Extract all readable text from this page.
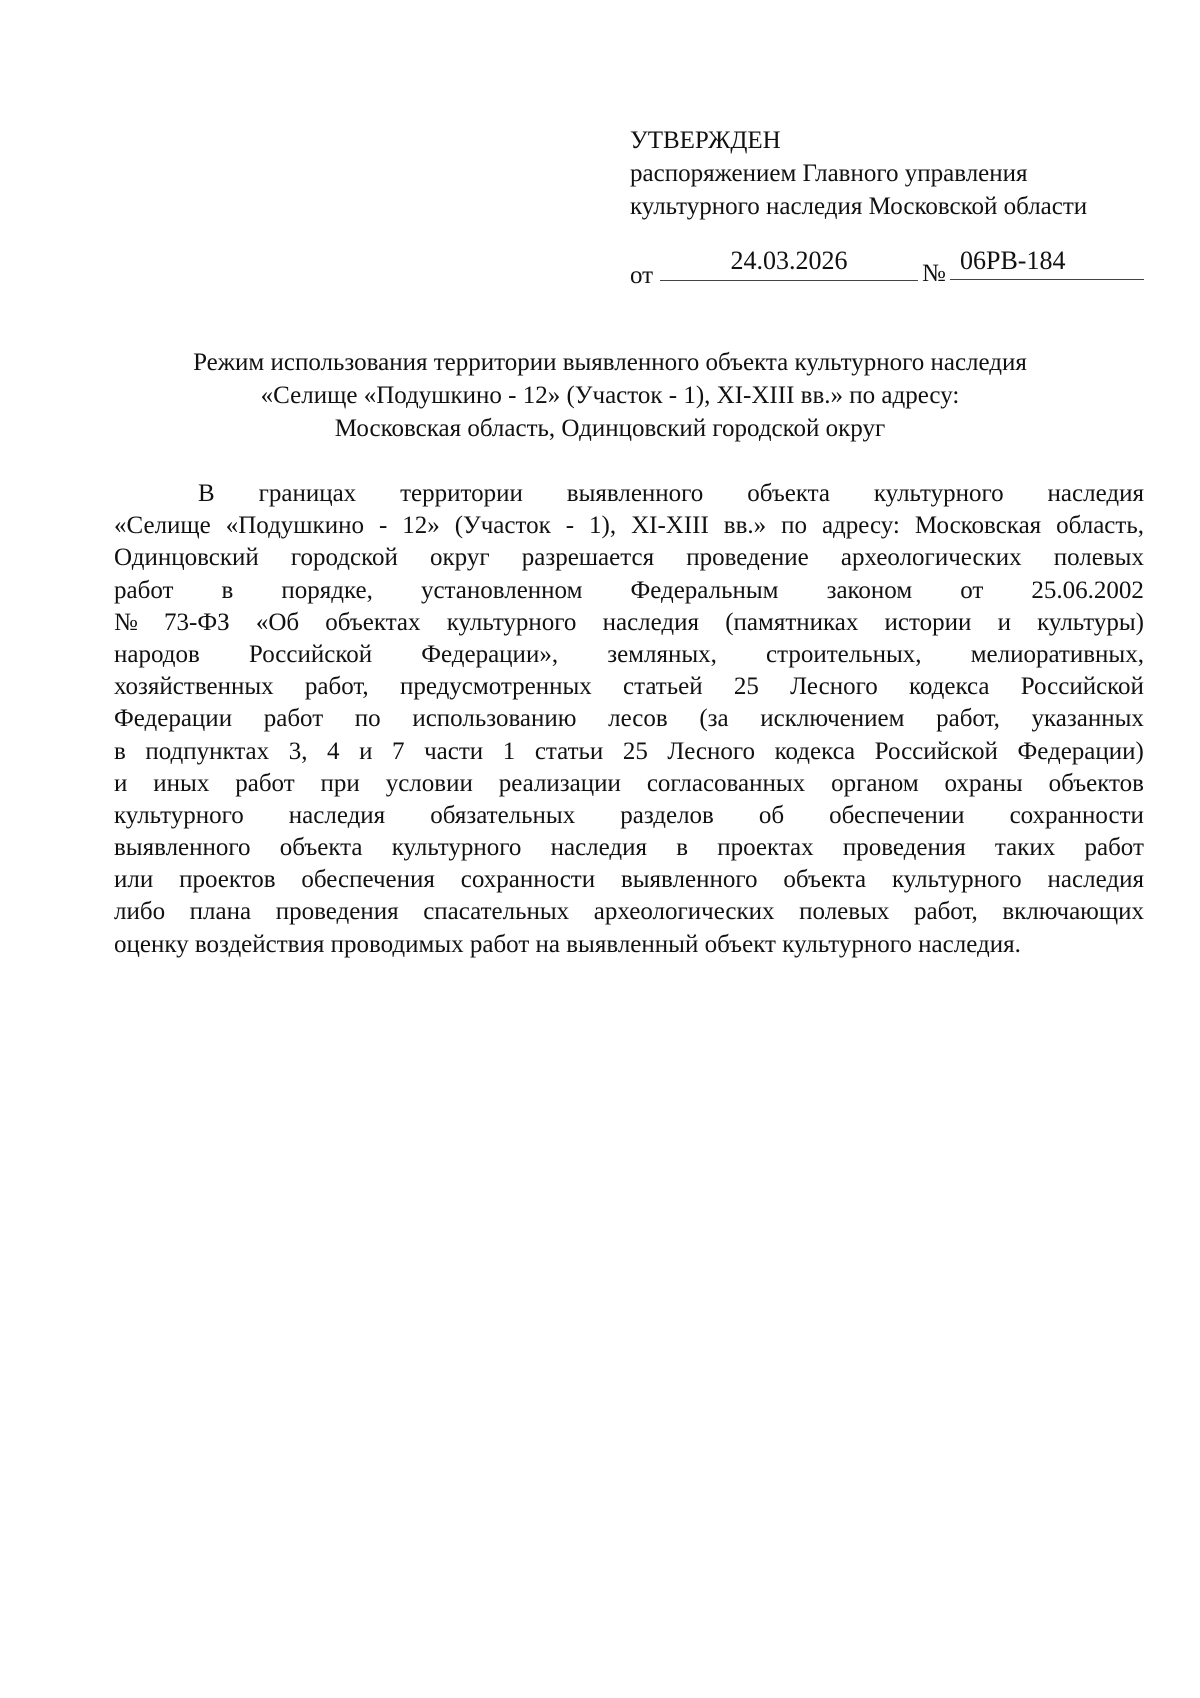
УТВЕРЖДЕН
распоряжением Главного управления
культурного наследия Московской области
от
24.03.2026	№ 06РВ-184
Режим использования территории выявленного объекта культурного наследия
«Селище «Подушкино - 12» (Участок - 1), XI-XIII вв.» по адресу:
Московская область, Одинцовский городской округ
В границах территории выявленного объекта культурного наследия
«Селище «Подушкино - 12» (Участок - 1), XI-XIII вв.» по адресу: Московская область,
Одинцовский городской округ разрешается проведение археологических полевых
работ в порядке, установленном Федеральным законом от 25.06.2002
№ 73-ФЗ «Об объектах культурного наследия (памятниках истории и культуры)
народов Российской Федерации», земляных, строительных, мелиоративных,
хозяйственных работ, предусмотренных статьей 25 Лесного кодекса Российской
Федерации работ по использованию лесов (за исключением работ, указанных
в подпунктах 3, 4 и 7 части 1 статьи 25 Лесного кодекса Российской Федерации)
и иных работ при условии реализации согласованных органом охраны объектов
культурного наследия обязательных разделов об обеспечении сохранности
выявленного объекта культурного наследия в проектах проведения таких работ
или проектов обеспечения сохранности выявленного объекта культурного наследия
либо плана проведения спасательных археологических полевых работ, включающих
оценку воздействия проводимых работ на выявленный объект культурного наследия.
